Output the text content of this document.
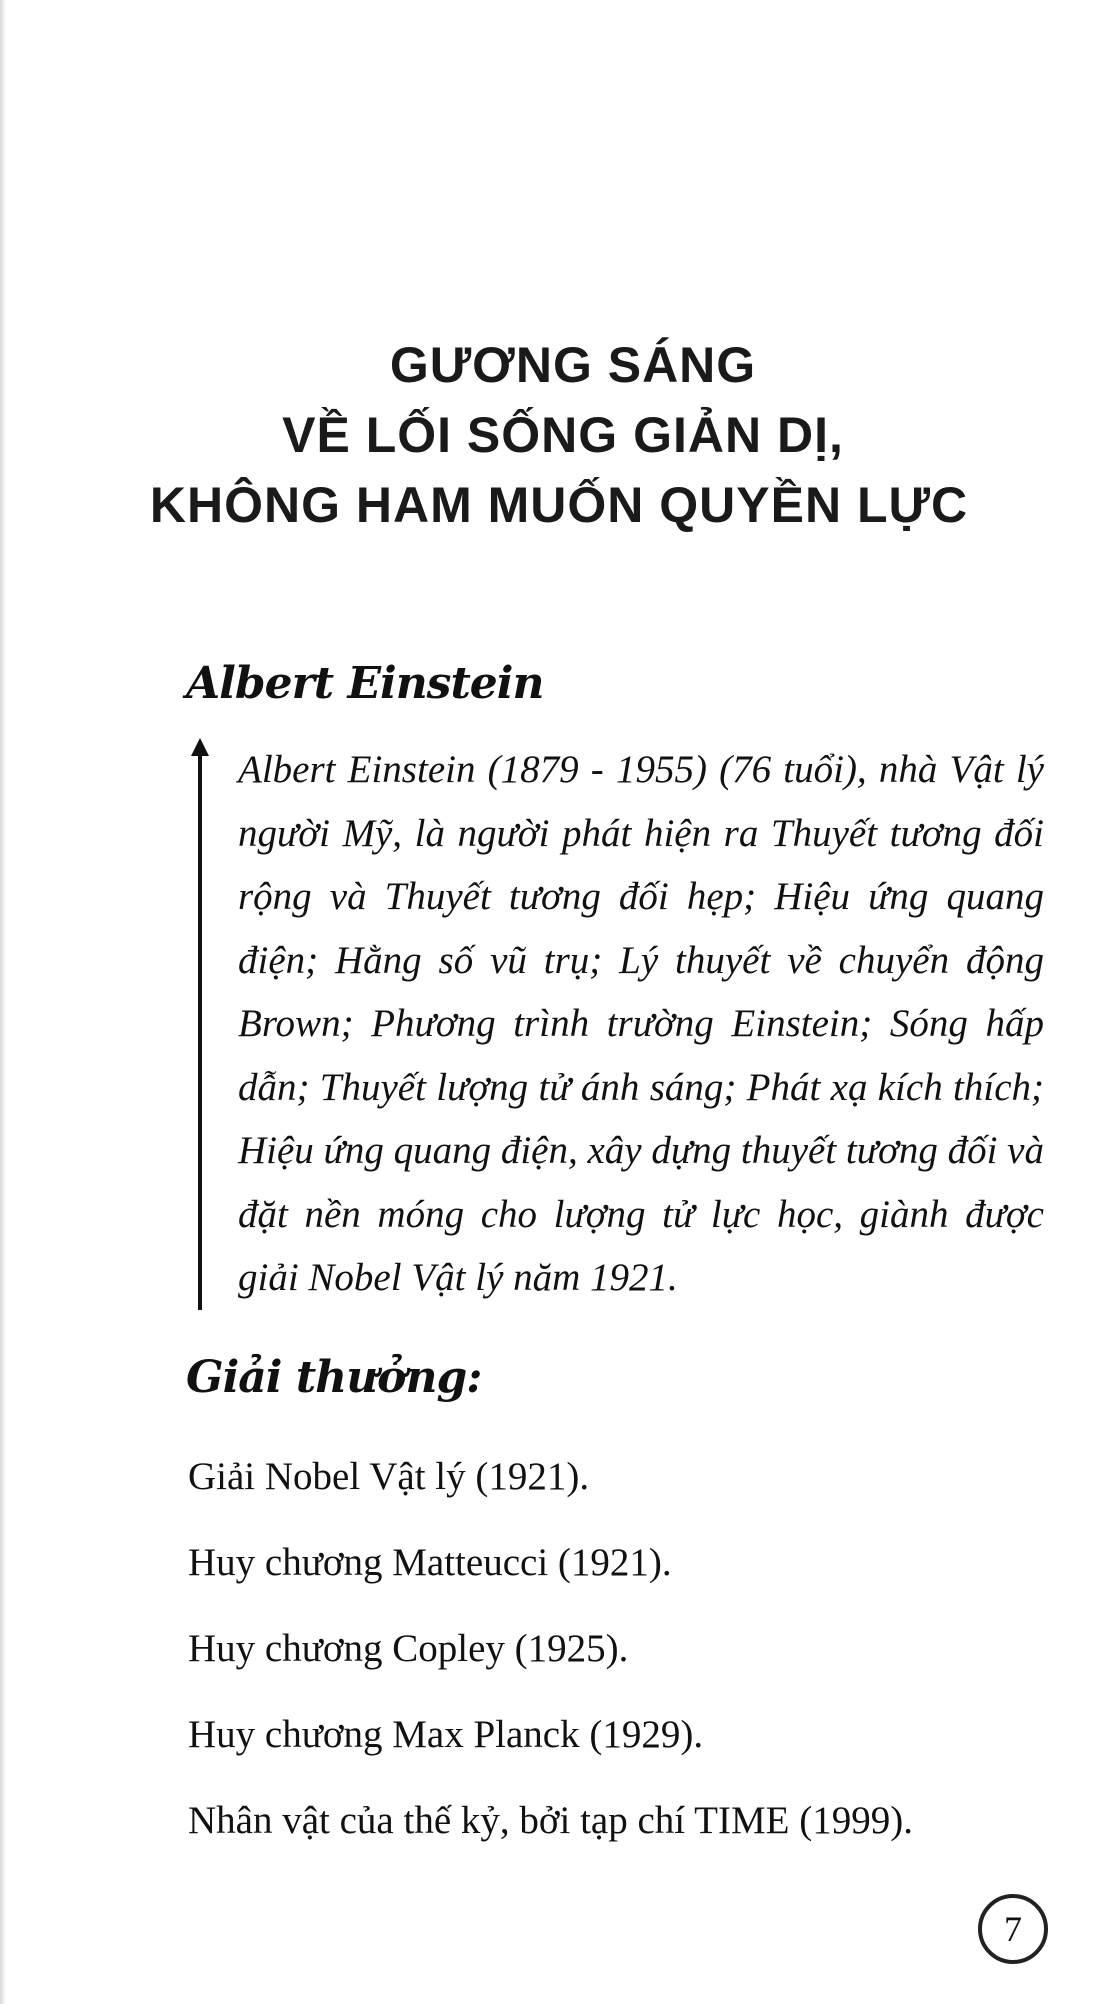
GƯƠNG SÁNG
VỀ LỐI SỐNG GIẢN DỊ,
KHÔNG HAM MUỐN QUYỀN LỰC
Albert Einstein

Albert Einstein (1879 - 1955) (76 tuổi), nhà Vật lý người Mỹ, là người phát hiện ra Thuyết tương đối rộng và Thuyết tương đối hẹp; Hiệu ứng quang điện; Hằng số vũ trụ; Lý thuyết về chuyển động Brown; Phương trình trường Einstein; Sóng hấp dẫn; Thuyết lượng tử ánh sáng; Phát xạ kích thích; Hiệu ứng quang điện, xây dựng thuyết tương đối và đặt nền móng cho lượng tử lực học, giành được giải Nobel Vật lý năm 1921.

Giải thưởng:
Giải Nobel Vật lý (1921).
Huy chương Matteucci (1921).
Huy chương Copley (1925).
Huy chương Max Planck (1929).
Nhân vật của thế kỷ, bởi tạp chí TIME (1999).
7
